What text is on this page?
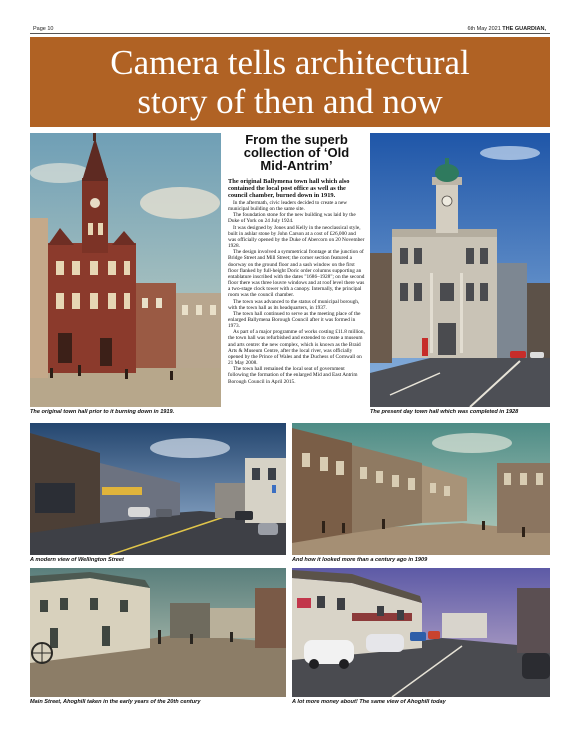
Page 10	6th May 2021 THE GUARDIAN,
Camera tells architectural
story of then and now
The original town hall prior to it burning down in 1919.
From the superb
collection of ‘Old
Mid-Antrim’

The original Ballymena town hall which also contained the local post office as well as the council chamber, burned down in 1919.

In the aftermath, civic leaders decided to create a new municipal building on the same site.

The foundation stone for the new building was laid by the Duke of York on 24 July 1924.

It was designed by Jones and Kelly in the neoclassical style, built in ashlar stone by John Carson at a cost of £26,000 and was officially opened by the Duke of Abercorn on 20 November 1928.

The design involved a symmetrical frontage at the junction of Bridge Street and Mill Street; the corner section featured a doorway on the ground floor and a sash window on the first floor flanked by full-height Doric order columns supporting an entablature inscribed with the dates "1686–1928"; on the second floor there was three louvre windows and at roof level there was a two-stage clock tower with a canopy. Internally, the principal room was the council chamber.

The town was advanced to the status of municipal borough, with the town hall as its headquarters, in 1937.

The town hall continued to serve as the meeting place of the enlarged Ballymena Borough Council after it was formed in 1973.

As part of a major programme of works costing £11.8 million, the town hall was refurbished and extended to create a museum and arts centre: the new complex, which is known as the Braid Arts & Museum Centre, after the local river, was officially opened by the Prince of Wales and the Duchess of Cornwall on 21 May 2008.

The town hall remained the local seat of government following the formation of the enlarged Mid and East Antrim Borough Council in April 2015.

The present day town hall which was completed in 1928
A modern view of Wellington Street	And how it looked more than a century ago in 1909
Main Street, Ahoghill taken in the early years of the 20th century	A lot more money about! The same view of Ahoghill today
